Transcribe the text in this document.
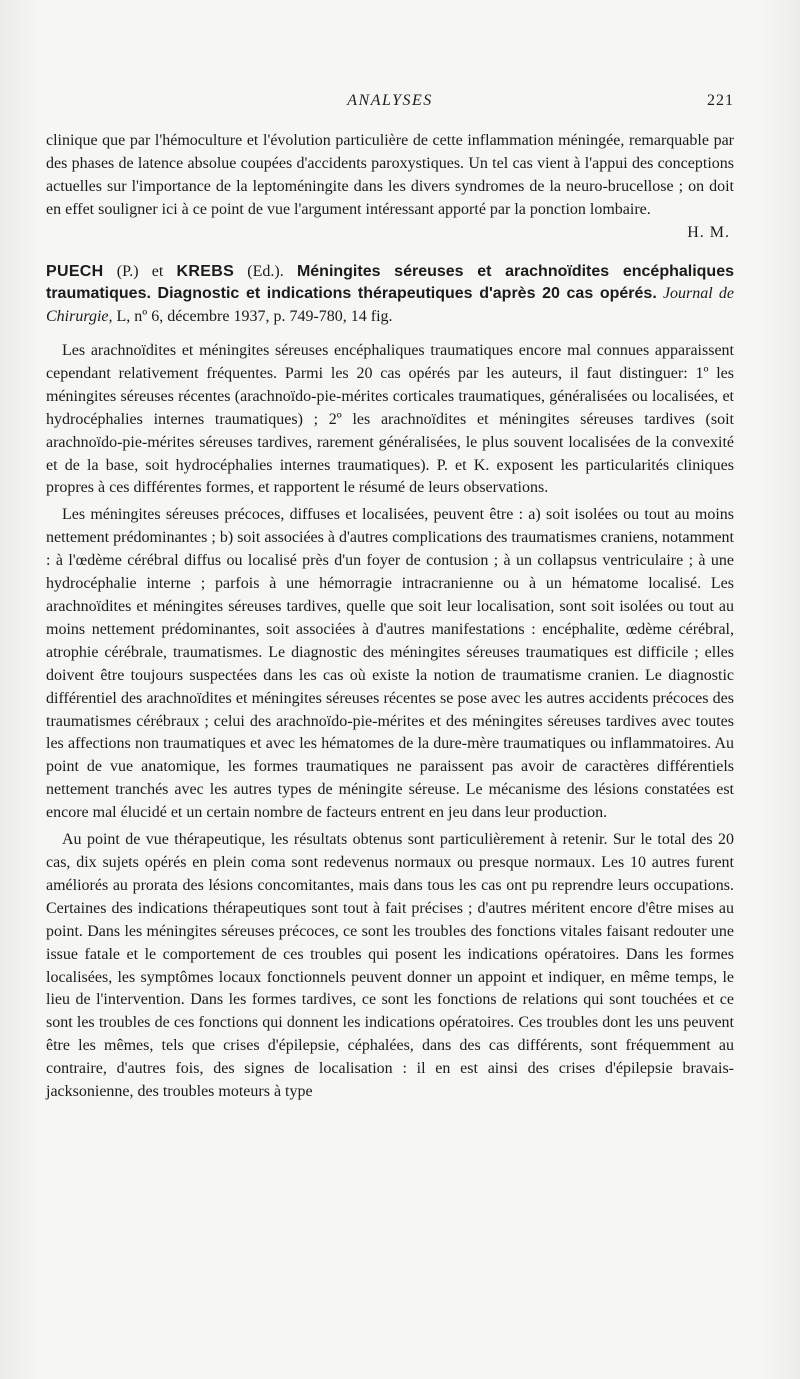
ANALYSES	221

clinique que par l'hémoculture et l'évolution particulière de cette inflammation méningée, remarquable par des phases de latence absolue coupées d'accidents paroxystiques. Un tel cas vient à l'appui des conceptions actuelles sur l'importance de la leptoméningite dans les divers syndromes de la neuro-brucellose ; on doit en effet souligner ici à ce point de vue l'argument intéressant apporté par la ponction lombaire.

H. M.

PUECH (P.) et KREBS (Ed.). Méningites séreuses et arachnoïdites encéphaliques traumatiques. Diagnostic et indications thérapeutiques d'après 20 cas opérés. Journal de Chirurgie, L, nº 6, décembre 1937, p. 749-780, 14 fig.

Les arachnoïdites et méningites séreuses encéphaliques traumatiques encore mal connues apparaissent cependant relativement fréquentes. Parmi les 20 cas opérés par les auteurs, il faut distinguer: 1º les méningites séreuses récentes (arachnoïdo-pie-mérites corticales traumatiques, généralisées ou localisées, et hydrocéphalies internes traumatiques) ; 2º les arachnoïdites et méningites séreuses tardives (soit arachnoïdo-pie-mérites séreuses tardives, rarement généralisées, le plus souvent localisées de la convexité et de la base, soit hydrocéphalies internes traumatiques). P. et K. exposent les particularités cliniques propres à ces différentes formes, et rapportent le résumé de leurs observations.

Les méningites séreuses précoces, diffuses et localisées, peuvent être : a) soit isolées ou tout au moins nettement prédominantes ; b) soit associées à d'autres complications des traumatismes craniens, notamment : à l'œdème cérébral diffus ou localisé près d'un foyer de contusion ; à un collapsus ventriculaire ; à une hydrocéphalie interne ; parfois à une hémorragie intracranienne ou à un hématome localisé. Les arachnoïdites et méningites séreuses tardives, quelle que soit leur localisation, sont soit isolées ou tout au moins nettement prédominantes, soit associées à d'autres manifestations : encéphalite, œdème cérébral, atrophie cérébrale, traumatismes. Le diagnostic des méningites séreuses traumatiques est difficile ; elles doivent être toujours suspectées dans les cas où existe la notion de traumatisme cranien. Le diagnostic différentiel des arachnoïdites et méningites séreuses récentes se pose avec les autres accidents précoces des traumatismes cérébraux ; celui des arachnoïdo-pie-mérites et des méningites séreuses tardives avec toutes les affections non traumatiques et avec les hématomes de la dure-mère traumatiques ou inflammatoires. Au point de vue anatomique, les formes traumatiques ne paraissent pas avoir de caractères différentiels nettement tranchés avec les autres types de méningite séreuse. Le mécanisme des lésions constatées est encore mal élucidé et un certain nombre de facteurs entrent en jeu dans leur production.

Au point de vue thérapeutique, les résultats obtenus sont particulièrement à retenir. Sur le total des 20 cas, dix sujets opérés en plein coma sont redevenus normaux ou presque normaux. Les 10 autres furent améliorés au prorata des lésions concomitantes, mais dans tous les cas ont pu reprendre leurs occupations. Certaines des indications thérapeutiques sont tout à fait précises ; d'autres méritent encore d'être mises au point. Dans les méningites séreuses précoces, ce sont les troubles des fonctions vitales faisant redouter une issue fatale et le comportement de ces troubles qui posent les indications opératoires. Dans les formes localisées, les symptômes locaux fonctionnels peuvent donner un appoint et indiquer, en même temps, le lieu de l'intervention. Dans les formes tardives, ce sont les fonctions de relations qui sont touchées et ce sont les troubles de ces fonctions qui donnent les indications opératoires. Ces troubles dont les uns peuvent être les mêmes, tels que crises d'épilepsie, céphalées, dans des cas différents, sont fréquemment au contraire, d'autres fois, des signes de localisation : il en est ainsi des crises d'épilepsie bravais-jacksonienne, des troubles moteurs à type
